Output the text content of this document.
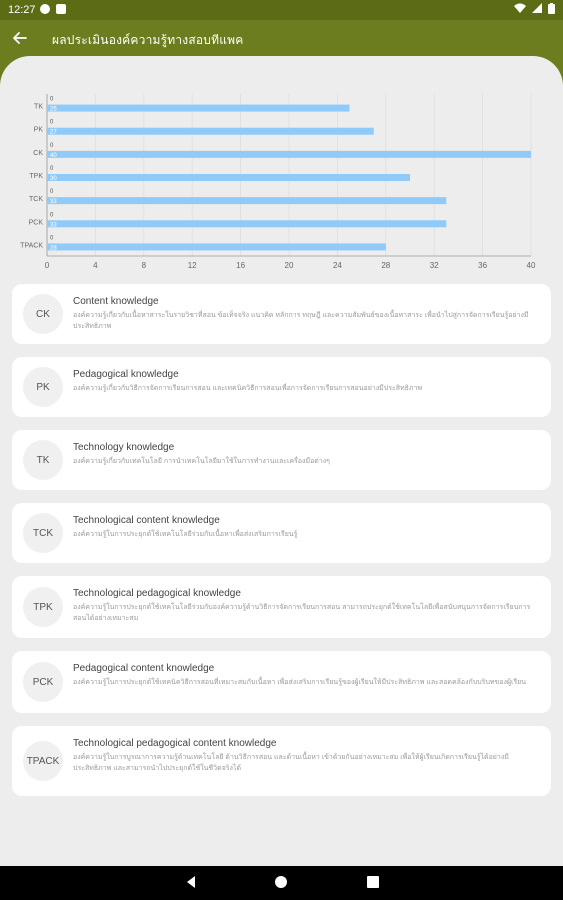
12:27
ผลประเมินองค์ความรู้ทางสอบทีแพค
0	4	8	12	16	20	24	28	32	36	40
TK
0
25
PK
0
27
CK
0
40
TPK
0
30
TCK
0
33
PCK
0
33
TPACK
0
28
CK
Content knowledge
องค์ความรู้เกี่ยวกับเนื้อหาสาระในรายวิชาที่สอน ข้อเท็จจริง แนวคิด หลักการ ทฤษฎี และความสัมพันธ์ของเนื้อหาสาระ เพื่อนำไปสู่การจัดการเรียนรู้อย่างมีประสิทธิภาพ
PK
Pedagogical knowledge
องค์ความรู้เกี่ยวกับวิธีการจัดการเรียนการสอน และเทคนิควิธีการสอนเพื่อการจัดการเรียนการสอนอย่างมีประสิทธิภาพ
TK
Technology knowledge
องค์ความรู้เกี่ยวกับเทคโนโลยี การนำเทคโนโลยีมาใช้ในการทำงานและเครื่องมือต่างๆ
TCK
Technological content knowledge
องค์ความรู้ในการประยุกต์ใช้เทคโนโลยีร่วมกับเนื้อหาเพื่อส่งเสริมการเรียนรู้
TPK
Technological pedagogical knowledge
องค์ความรู้ในการประยุกต์ใช้เทคโนโลยีร่วมกับองค์ความรู้ด้านวิธีการจัดการเรียนการสอน สามารถประยุกต์ใช้เทคโนโลยีเพื่อสนับสนุนการจัดการเรียนการสอนได้อย่างเหมาะสม
PCK
Pedagogical content knowledge
องค์ความรู้ในการประยุกต์ใช้เทคนิควิธีการสอนที่เหมาะสมกับเนื้อหา เพื่อส่งเสริมการเรียนรู้ของผู้เรียนให้มีประสิทธิภาพ และสอดคล้องกับบริบทของผู้เรียน
TPACK
Technological pedagogical content knowledge
องค์ความรู้ในการบูรณาการความรู้ด้านเทคโนโลยี ด้านวิธีการสอน และด้านเนื้อหา เข้าด้วยกันอย่างเหมาะสม เพื่อให้ผู้เรียนเกิดการเรียนรู้ได้อย่างมีประสิทธิภาพ และสามารถนำไปประยุกต์ใช้ในชีวิตจริงได้
